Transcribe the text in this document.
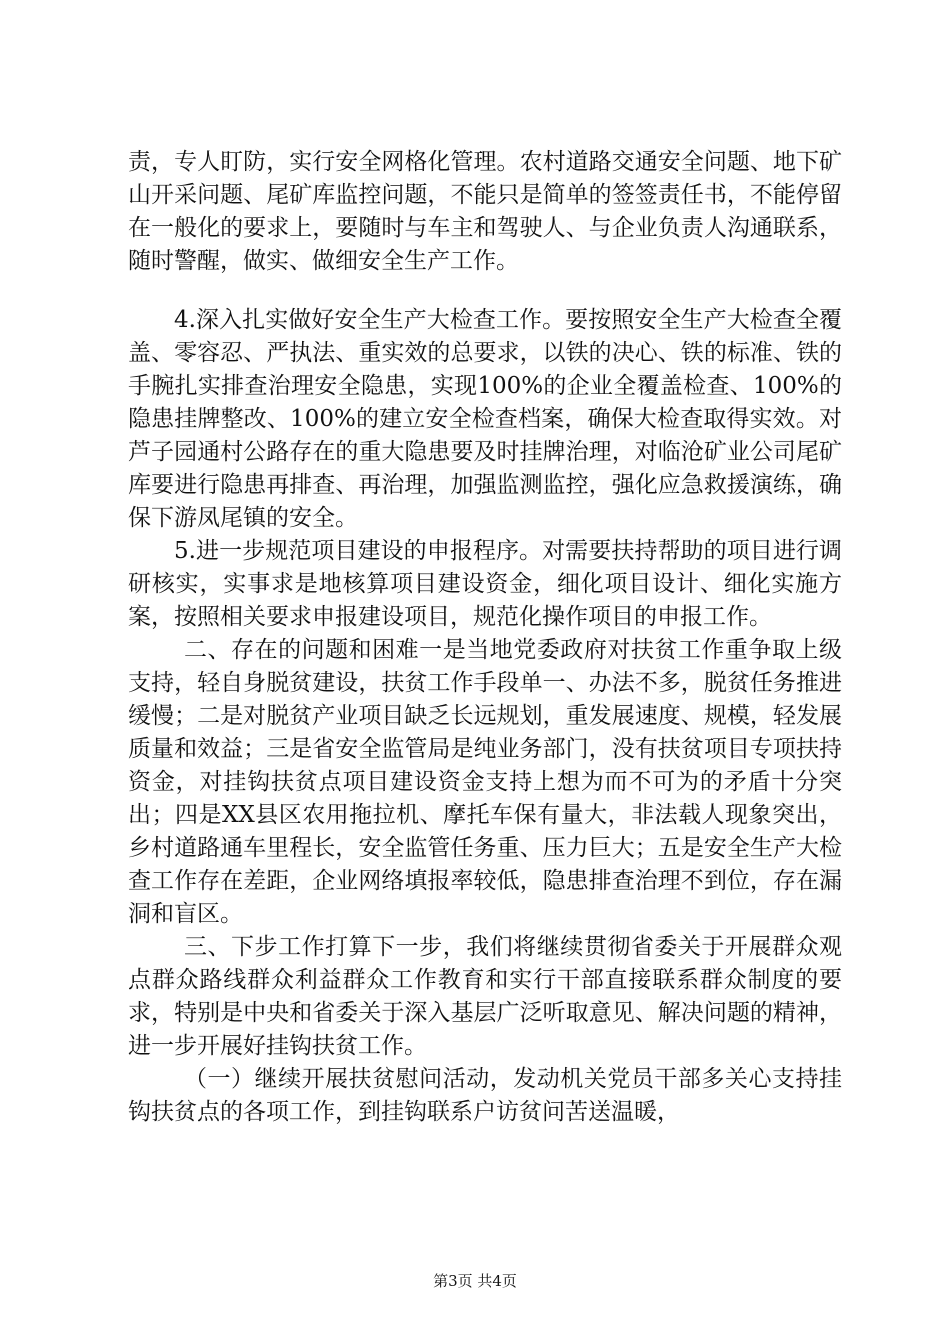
责，专人盯防，实行安全网格化管理。农村道路交通安全问题、地下矿山开采问题、尾矿库监控问题，不能只是简单的签签责任书，不能停留在一般化的要求上，要随时与车主和驾驶人、与企业负责人沟通联系，随时警醒，做实、做细安全生产工作。

4.深入扎实做好安全生产大检查工作。要按照安全生产大检查全覆盖、零容忍、严执法、重实效的总要求，以铁的决心、铁的标准、铁的手腕扎实排查治理安全隐患，实现100%的企业全覆盖检查、100%的隐患挂牌整改、100%的建立安全检查档案，确保大检查取得实效。对芦子园通村公路存在的重大隐患要及时挂牌治理，对临沧矿业公司尾矿库要进行隐患再排查、再治理，加强监测监控，强化应急救援演练，确保下游凤尾镇的安全。

5.进一步规范项目建设的申报程序。对需要扶持帮助的项目进行调研核实，实事求是地核算项目建设资金，细化项目设计、细化实施方案，按照相关要求申报建设项目，规范化操作项目的申报工作。

二、存在的问题和困难一是当地党委政府对扶贫工作重争取上级支持，轻自身脱贫建设，扶贫工作手段单一、办法不多，脱贫任务推进缓慢；二是对脱贫产业项目缺乏长远规划，重发展速度、规模，轻发展质量和效益；三是省安全监管局是纯业务部门，没有扶贫项目专项扶持资金，对挂钩扶贫点项目建设资金支持上想为而不可为的矛盾十分突出；四是XX县区农用拖拉机、摩托车保有量大，非法载人现象突出，乡村道路通车里程长，安全监管任务重、压力巨大；五是安全生产大检查工作存在差距，企业网络填报率较低，隐患排查治理不到位，存在漏洞和盲区。

三、下步工作打算下一步，我们将继续贯彻省委关于开展群众观点群众路线群众利益群众工作教育和实行干部直接联系群众制度的要求，特别是中央和省委关于深入基层广泛听取意见、解决问题的精神，进一步开展好挂钩扶贫工作。

（一）继续开展扶贫慰问活动，发动机关党员干部多关心支持挂钩扶贫点的各项工作，到挂钩联系户访贫问苦送温暖，

第3页 共4页
